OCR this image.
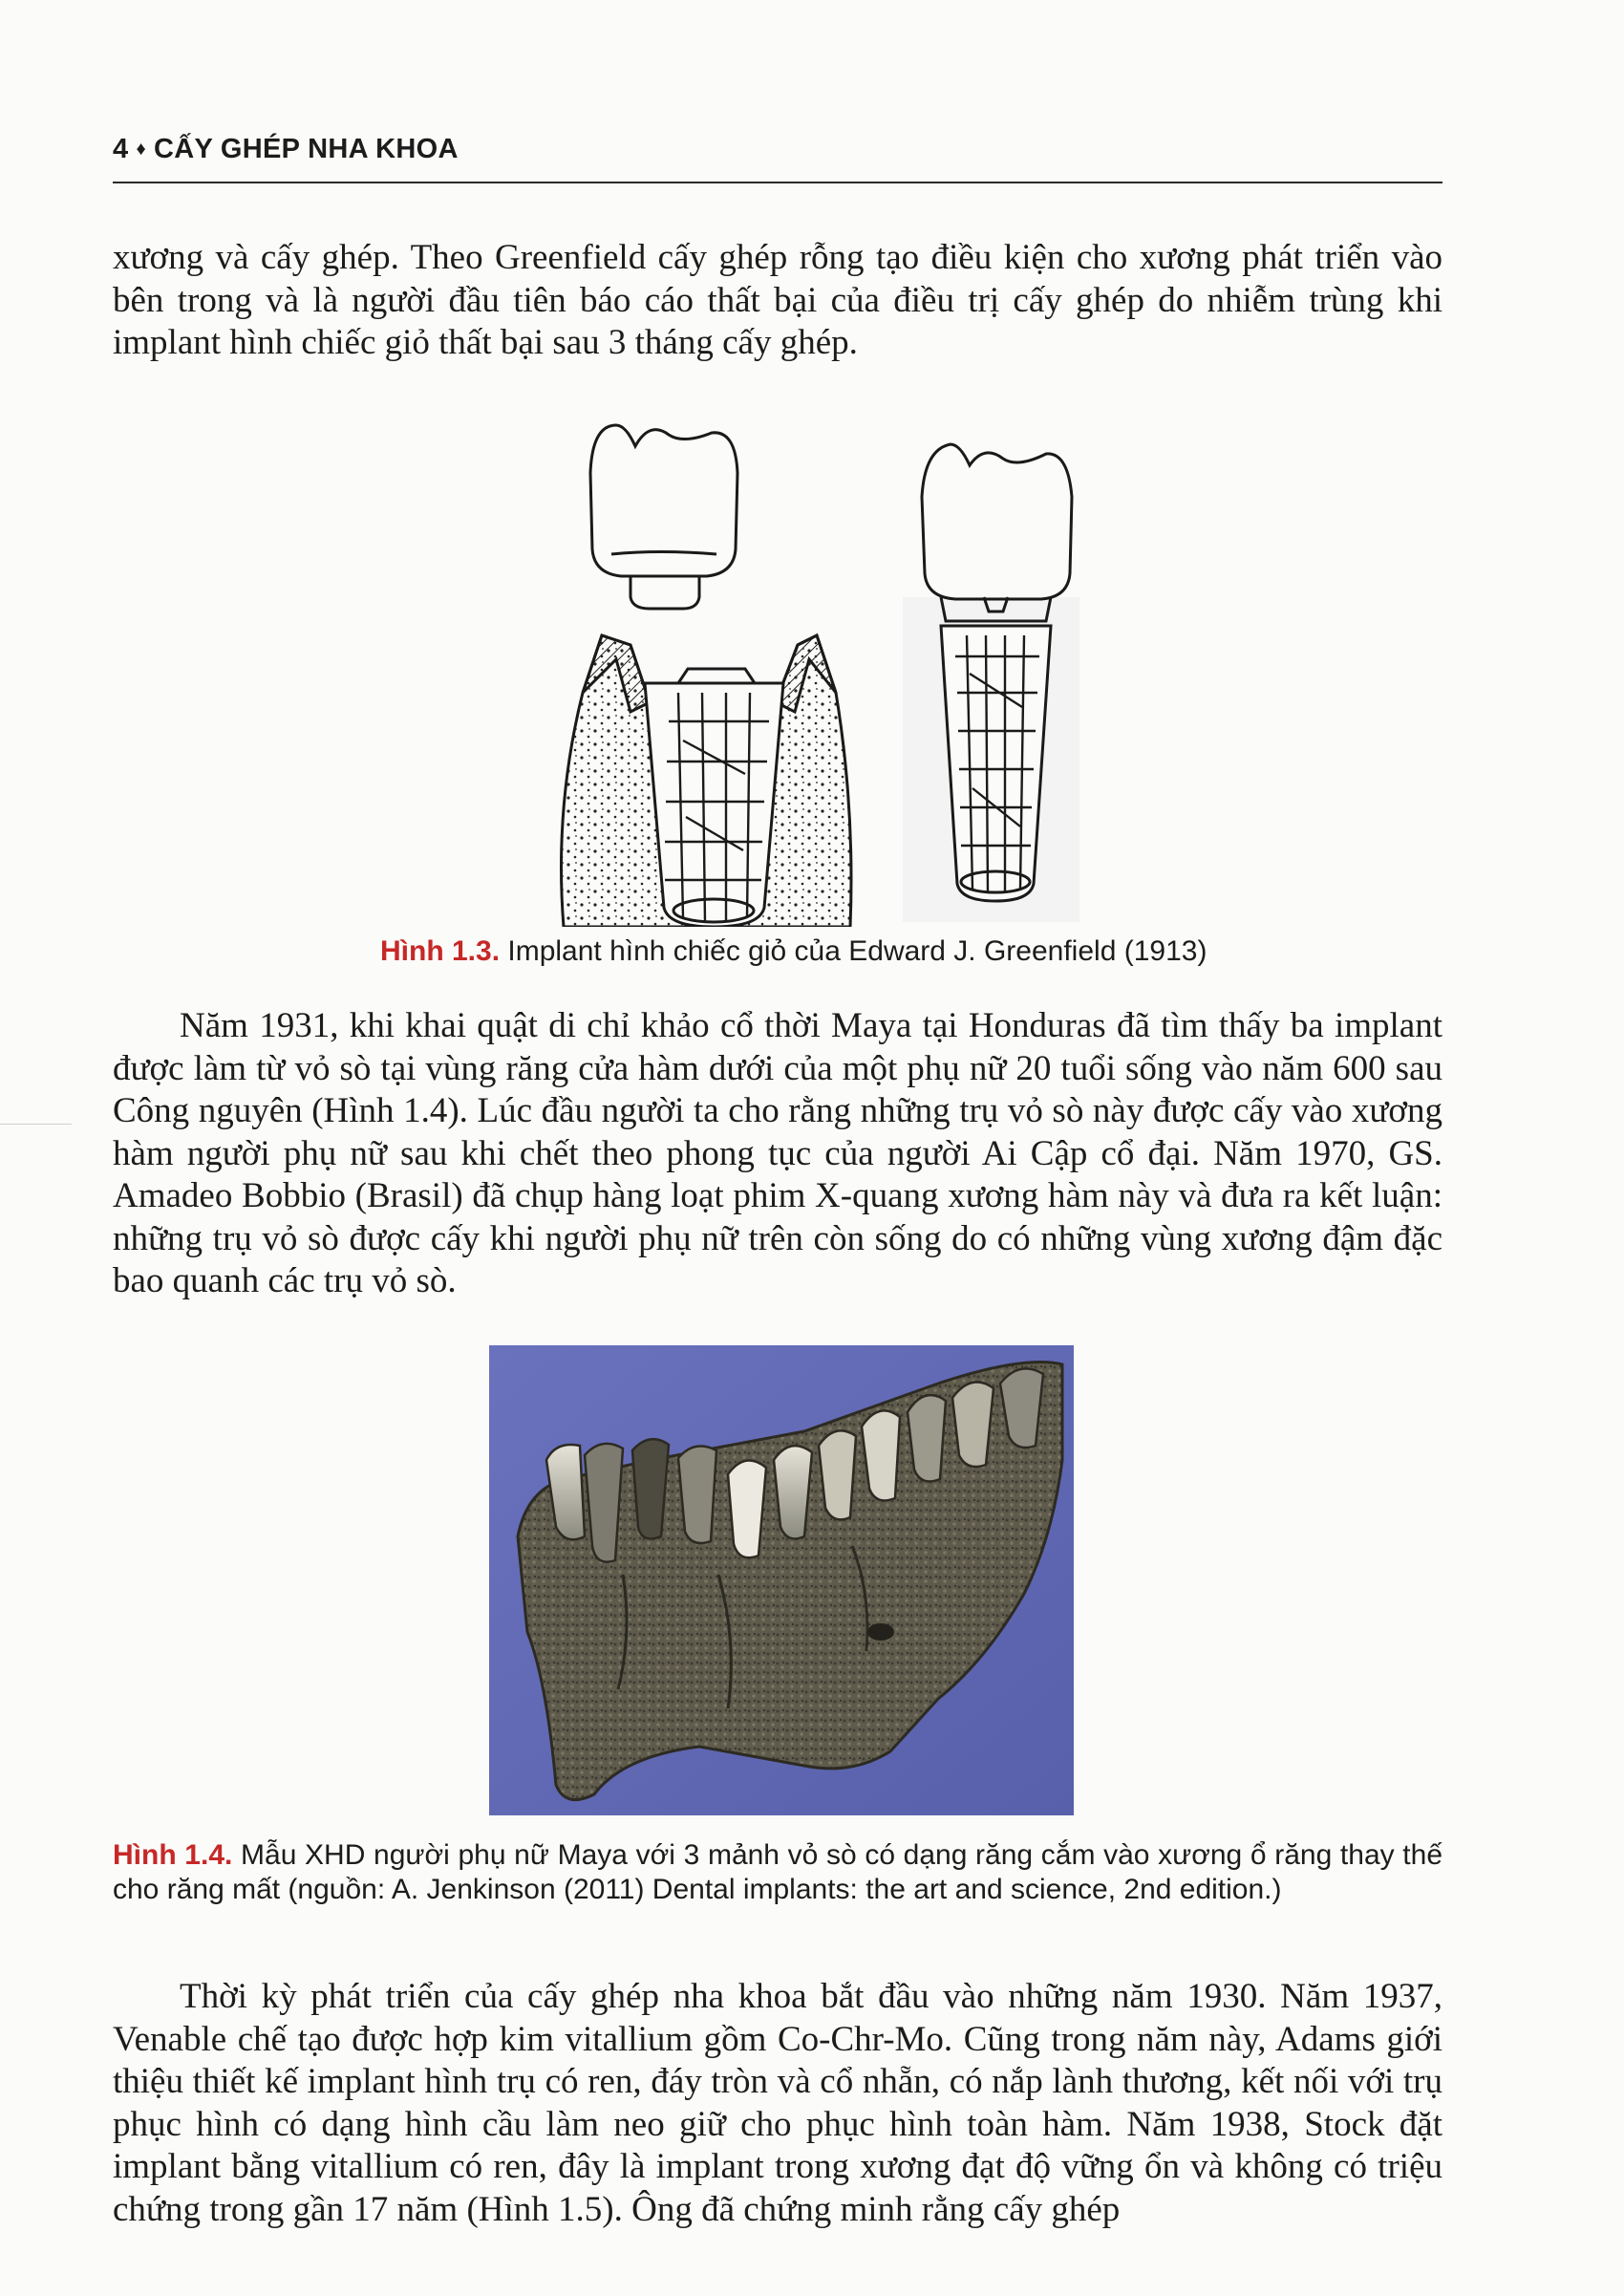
4 ♦ CẤY GHÉP NHA KHOA

xương và cấy ghép. Theo Greenfield cấy ghép rỗng tạo điều kiện cho xương phát triển vào bên trong và là người đầu tiên báo cáo thất bại của điều trị cấy ghép do nhiễm trùng khi implant hình chiếc giỏ thất bại sau 3 tháng cấy ghép.

Hình 1.3. Implant hình chiếc giỏ của Edward J. Greenfield (1913)

Năm 1931, khi khai quật di chỉ khảo cổ thời Maya tại Honduras đã tìm thấy ba implant được làm từ vỏ sò tại vùng răng cửa hàm dưới của một phụ nữ 20 tuổi sống vào năm 600 sau Công nguyên (Hình 1.4). Lúc đầu người ta cho rằng những trụ vỏ sò này được cấy vào xương hàm người phụ nữ sau khi chết theo phong tục của người Ai Cập cổ đại. Năm 1970, GS. Amadeo Bobbio (Brasil) đã chụp hàng loạt phim X-quang xương hàm này và đưa ra kết luận: những trụ vỏ sò được cấy khi người phụ nữ trên còn sống do có những vùng xương đậm đặc bao quanh các trụ vỏ sò.

Hình 1.4. Mẫu XHD người phụ nữ Maya với 3 mảnh vỏ sò có dạng răng cắm vào xương ổ răng thay thế cho răng mất (nguồn: A. Jenkinson (2011) Dental implants: the art and science, 2nd edition.)

Thời kỳ phát triển của cấy ghép nha khoa bắt đầu vào những năm 1930. Năm 1937, Venable chế tạo được hợp kim vitallium gồm Co-Chr-Mo. Cũng trong năm này, Adams giới thiệu thiết kế implant hình trụ có ren, đáy tròn và cổ nhẵn, có nắp lành thương, kết nối với trụ phục hình có dạng hình cầu làm neo giữ cho phục hình toàn hàm. Năm 1938, Stock đặt implant bằng vitallium có ren, đây là implant trong xương đạt độ vững ổn và không có triệu chứng trong gần 17 năm (Hình 1.5). Ông đã chứng minh rằng cấy ghép
